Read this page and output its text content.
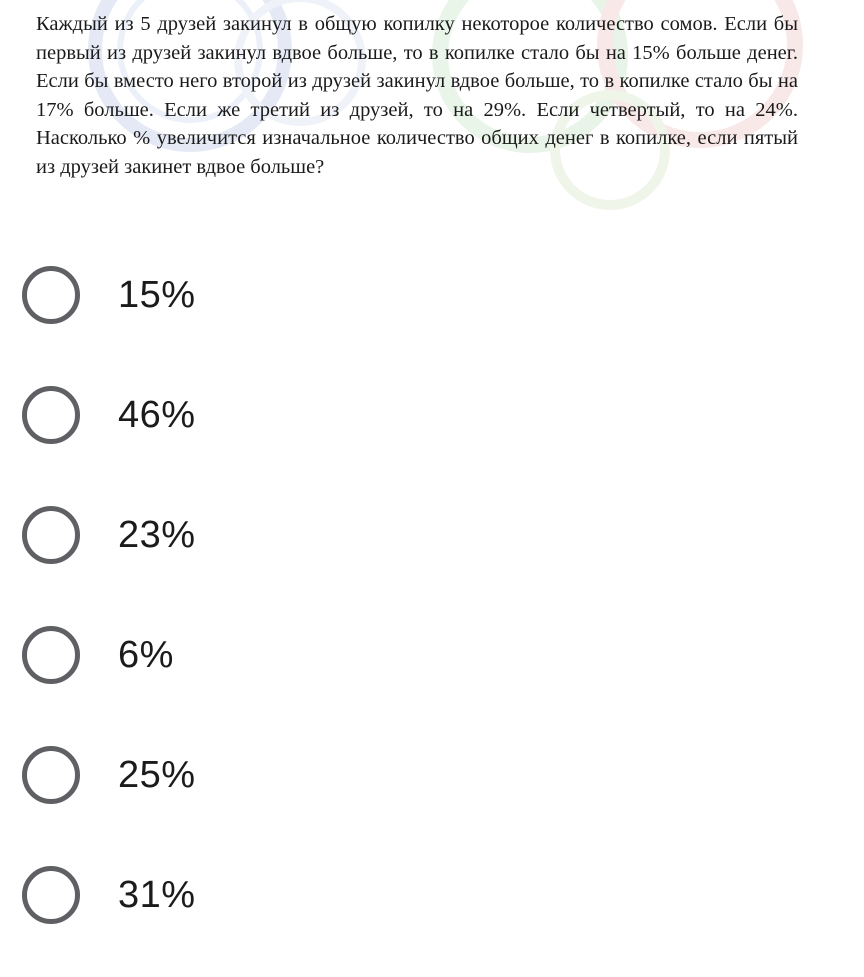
Каждый из 5 друзей закинул в общую копилку некоторое количество сомов. Если бы первый из друзей закинул вдвое больше, то в копилке стало бы на 15% больше денег. Если бы вместо него второй из друзей закинул вдвое больше, то в копилке стало бы на 17% больше. Если же третий из друзей, то на 29%. Если четвертый, то на 24%. Насколько % увеличится изначальное количество общих денег в копилке, если пятый из друзей закинет вдвое больше?

15%
46%
23%
6%
25%
31%
